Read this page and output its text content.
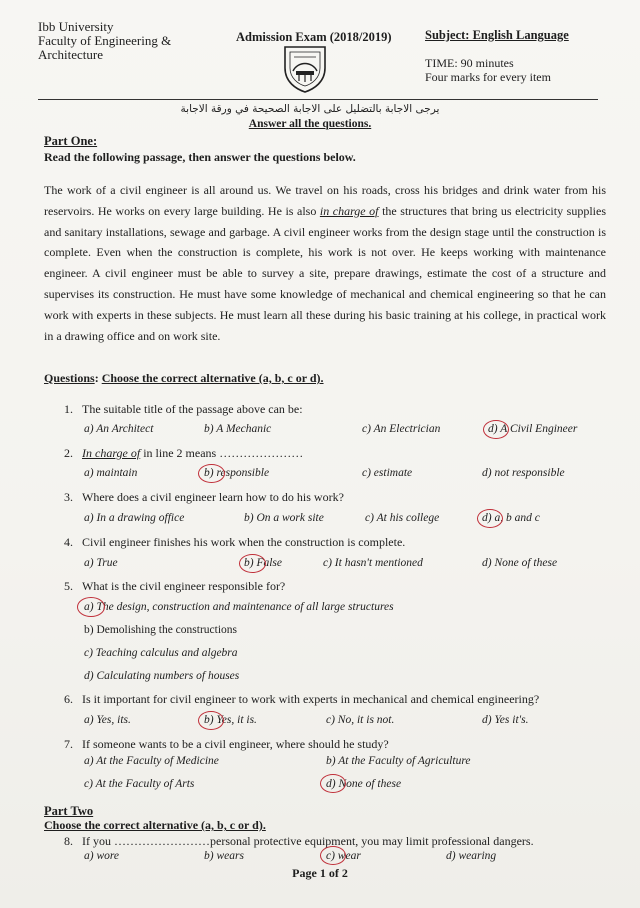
Ibb University
Faculty of Engineering &
Architecture
Admission Exam (2018/2019)	Subject: English Language
TIME: 90 minutes
Four marks for every item
يرجى الاجابة بالتضليل على الاجابة الصحيحة في ورقة الاجابة
Answer all the questions.
Part One:
Read the following passage, then answer the questions below.
The work of a civil engineer is all around us. We travel on his roads, cross his bridges and drink water from his reservoirs. He works on every large building. He is also in charge of the structures that bring us electricity supplies and sanitary installations, sewage and garbage. A civil engineer works from the design stage until the construction is complete. Even when the construction is complete, his work is not over. He keeps working with maintenance engineer. A civil engineer must be able to survey a site, prepare drawings, estimate the cost of a structure and supervises its construction. He must have some knowledge of mechanical and chemical engineering so that he can work with experts in these subjects. He must learn all these during his basic training at his college, in practical work in a drawing office and on work site.
Questions: Choose the correct alternative (a, b, c or d).
1. The suitable title of the passage above can be:
a) An Architect	b) A Mechanic	c) An Electrician	d) A Civil Engineer
2. In charge of in line 2 means …………………
a) maintain	b) responsible	c) estimate	d) not responsible
3. Where does a civil engineer learn how to do his work?
a) In a drawing office	b) On a work site	c) At his college	d) a, b and c
4. Civil engineer finishes his work when the construction is complete.
a) True	b) False	c) It hasn't mentioned	d) None of these
5. What is the civil engineer responsible for?
a) The design, construction and maintenance of all large structures
b) Demolishing the constructions
c) Teaching calculus and algebra
d) Calculating numbers of houses
6. Is it important for civil engineer to work with experts in mechanical and chemical engineering?
a) Yes, its.	b) Yes, it is.	c) No, it is not.	d) Yes it's.
7. If someone wants to be a civil engineer, where should he study?
a) At the Faculty of Medicine	b) At the Faculty of Agriculture
c) At the Faculty of Arts	d) None of these
Part Two
Choose the correct alternative (a, b, c or d).
8. If you ……………………personal protective equipment, you may limit professional dangers.
a) wore	b) wears	c) wear	d) wearing
Page 1 of 2
